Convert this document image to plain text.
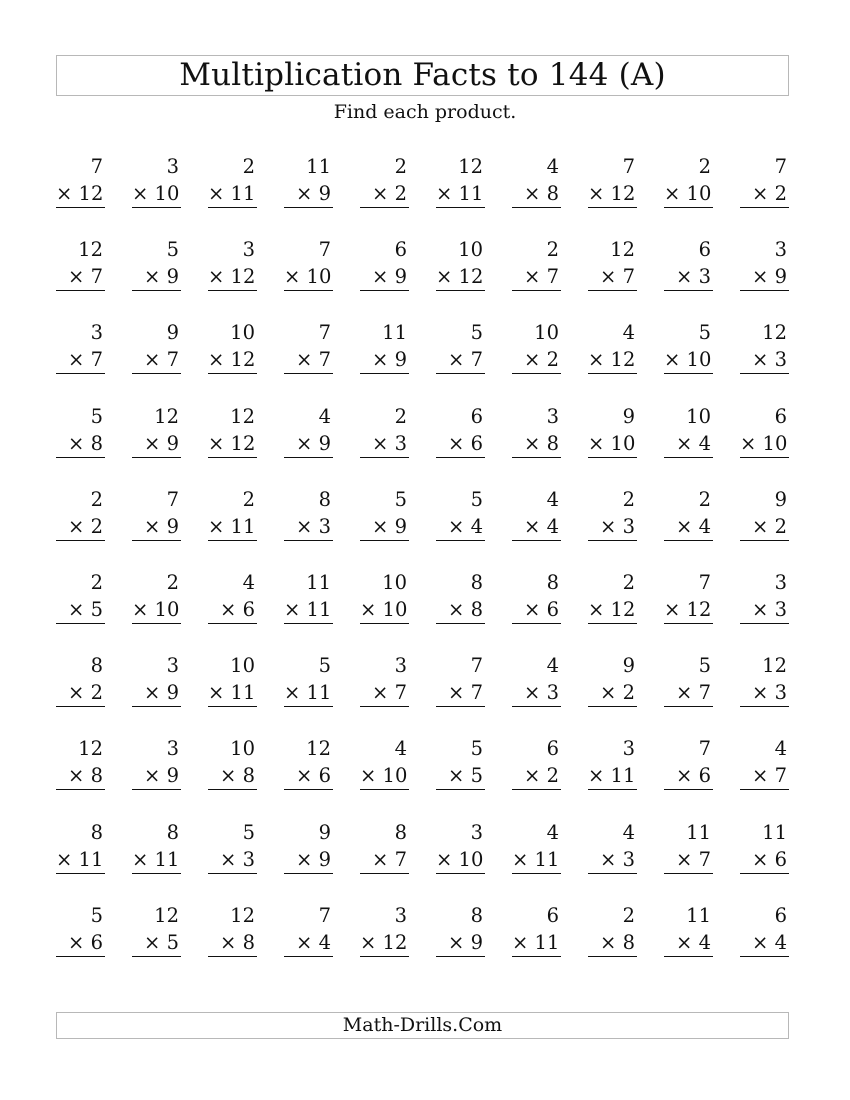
Multiplication Facts to 144 (A)
Find each product.
7
× 12
3
× 10
2
× 11
11
× 9
2
× 2
12
× 11
4
× 8
7
× 12
2
× 10
7
× 2
12
× 7
5
× 9
3
× 12
7
× 10
6
× 9
10
× 12
2
× 7
12
× 7
6
× 3
3
× 9
3
× 7
9
× 7
10
× 12
7
× 7
11
× 9
5
× 7
10
× 2
4
× 12
5
× 10
12
× 3
5
× 8
12
× 9
12
× 12
4
× 9
2
× 3
6
× 6
3
× 8
9
× 10
10
× 4
6
× 10
2
× 2
7
× 9
2
× 11
8
× 3
5
× 9
5
× 4
4
× 4
2
× 3
2
× 4
9
× 2
2
× 5
2
× 10
4
× 6
11
× 11
10
× 10
8
× 8
8
× 6
2
× 12
7
× 12
3
× 3
8
× 2
3
× 9
10
× 11
5
× 11
3
× 7
7
× 7
4
× 3
9
× 2
5
× 7
12
× 3
12
× 8
3
× 9
10
× 8
12
× 6
4
× 10
5
× 5
6
× 2
3
× 11
7
× 6
4
× 7
8
× 11
8
× 11
5
× 3
9
× 9
8
× 7
3
× 10
4
× 11
4
× 3
11
× 7
11
× 6
5
× 6
12
× 5
12
× 8
7
× 4
3
× 12
8
× 9
6
× 11
2
× 8
11
× 4
6
× 4
Math-Drills.Com
